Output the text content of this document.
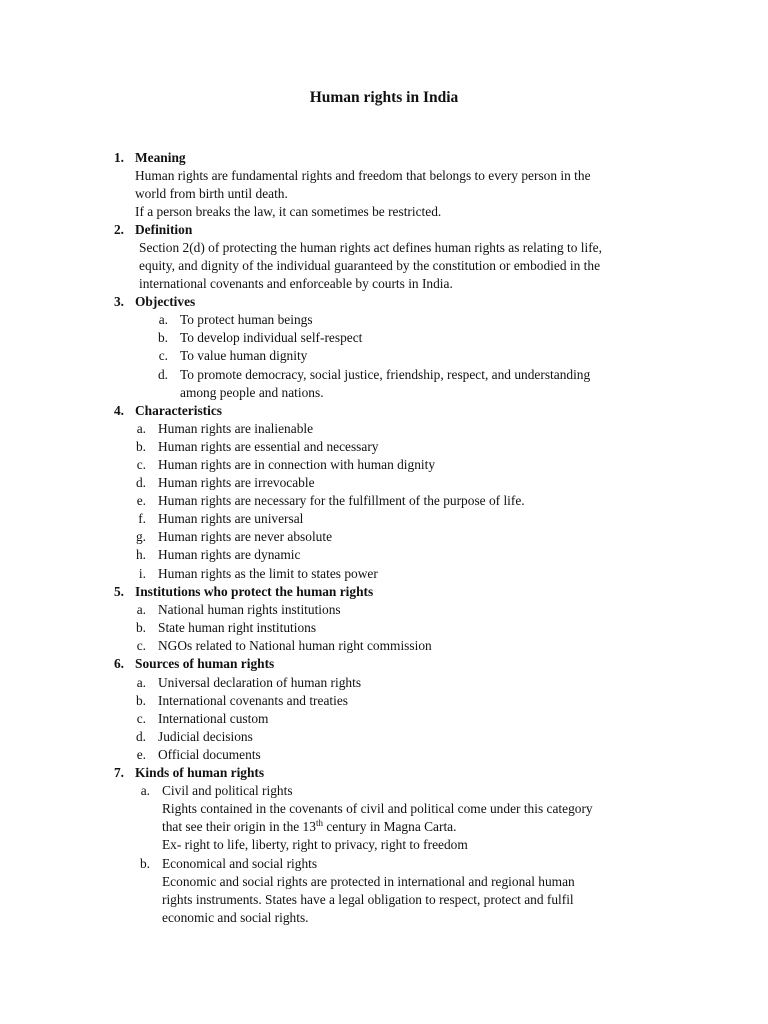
Human rights in India
1. Meaning
Human rights are fundamental rights and freedom that belongs to every person in the
world from birth until death.
If a person breaks the law, it can sometimes be restricted.
2. Definition
Section 2(d) of protecting the human rights act defines human rights as relating to life,
equity, and dignity of the individual guaranteed by the constitution or embodied in the
international covenants and enforceable by courts in India.
3. Objectives
a. To protect human beings
b. To develop individual self-respect
c. To value human dignity
d. To promote democracy, social justice, friendship, respect, and understanding
among people and nations.
4. Characteristics
a. Human rights are inalienable
b. Human rights are essential and necessary
c. Human rights are in connection with human dignity
d. Human rights are irrevocable
e. Human rights are necessary for the fulfillment of the purpose of life.
f. Human rights are universal
g. Human rights are never absolute
h. Human rights are dynamic
i. Human rights as the limit to states power
5. Institutions who protect the human rights
a. National human rights institutions
b. State human right institutions
c. NGOs related to National human right commission
6. Sources of human rights
a. Universal declaration of human rights
b. International covenants and treaties
c. International custom
d. Judicial decisions
e. Official documents
7. Kinds of human rights
a. Civil and political rights
Rights contained in the covenants of civil and political come under this category
that see their origin in the 13th century in Magna Carta.
Ex- right to life, liberty, right to privacy, right to freedom
b. Economical and social rights
Economic and social rights are protected in international and regional human
rights instruments. States have a legal obligation to respect, protect and fulfil
economic and social rights.
